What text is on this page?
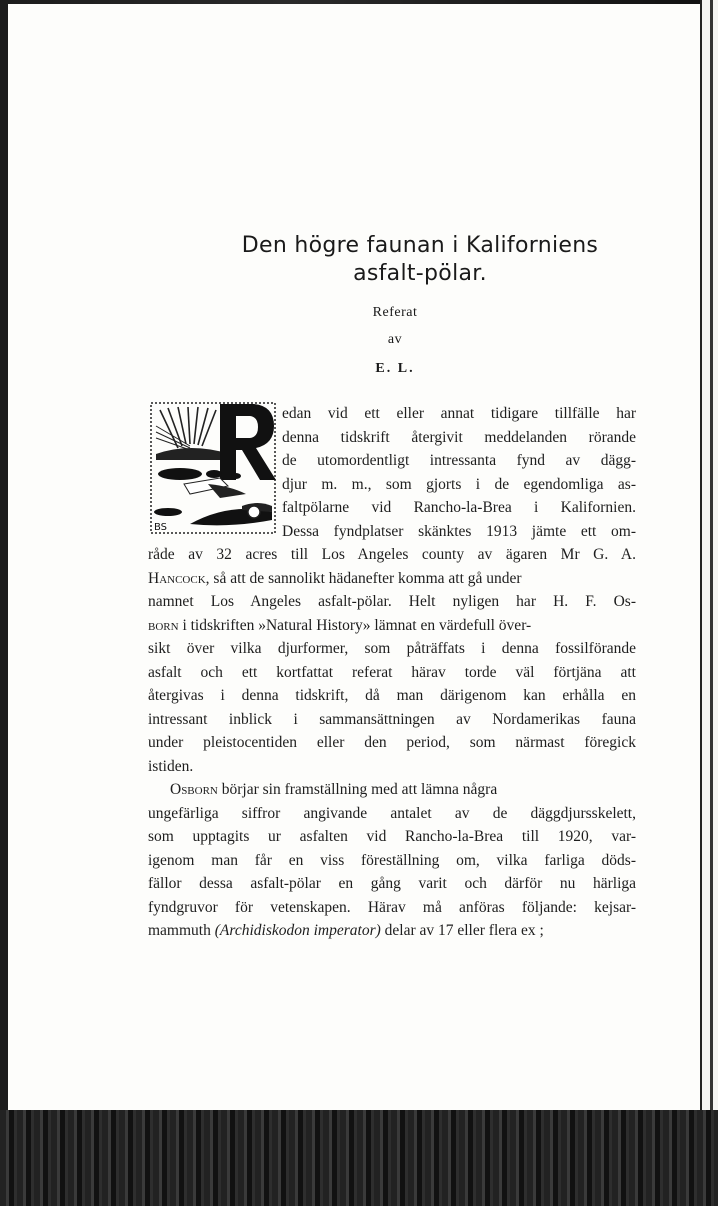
Den högre faunan i Kaliforniens
asfalt-pölar.
Referat
av
E. L.
BS
edan vid ett eller annat tidigare tillfälle har
denna tidskrift återgivit meddelanden rörande
de utomordentligt intressanta fynd av dägg-
djur m. m., som gjorts i de egendomliga as-
faltpölarne vid Rancho-la-Brea i Kalifornien.
Dessa fyndplatser skänktes 1913 jämte ett om-
råde av 32 acres till Los Angeles county av ägaren Mr G. A.
Hancock, så att de sannolikt hädanefter komma att gå under
namnet Los Angeles asfalt-pölar. Helt nyligen har H. F. Os-
born i tidskriften »Natural History» lämnat en värdefull över-
sikt över vilka djurformer, som påträffats i denna fossilförande
asfalt och ett kortfattat referat härav torde väl förtjäna att
återgivas i denna tidskrift, då man därigenom kan erhålla en
intressant inblick i sammansättningen av Nordamerikas fauna
under pleistocentiden eller den period, som närmast föregick
istiden.
Osborn börjar sin framställning med att lämna några
ungefärliga siffror angivande antalet av de däggdjursskelett,
som upptagits ur asfalten vid Rancho-la-Brea till 1920, var-
igenom man får en viss föreställning om, vilka farliga döds-
fällor dessa asfalt-pölar en gång varit och därför nu härliga
fyndgruvor för vetenskapen. Härav må anföras följande: kejsar-
mammuth (Archidiskodon imperator) delar av 17 eller flera ex ;
